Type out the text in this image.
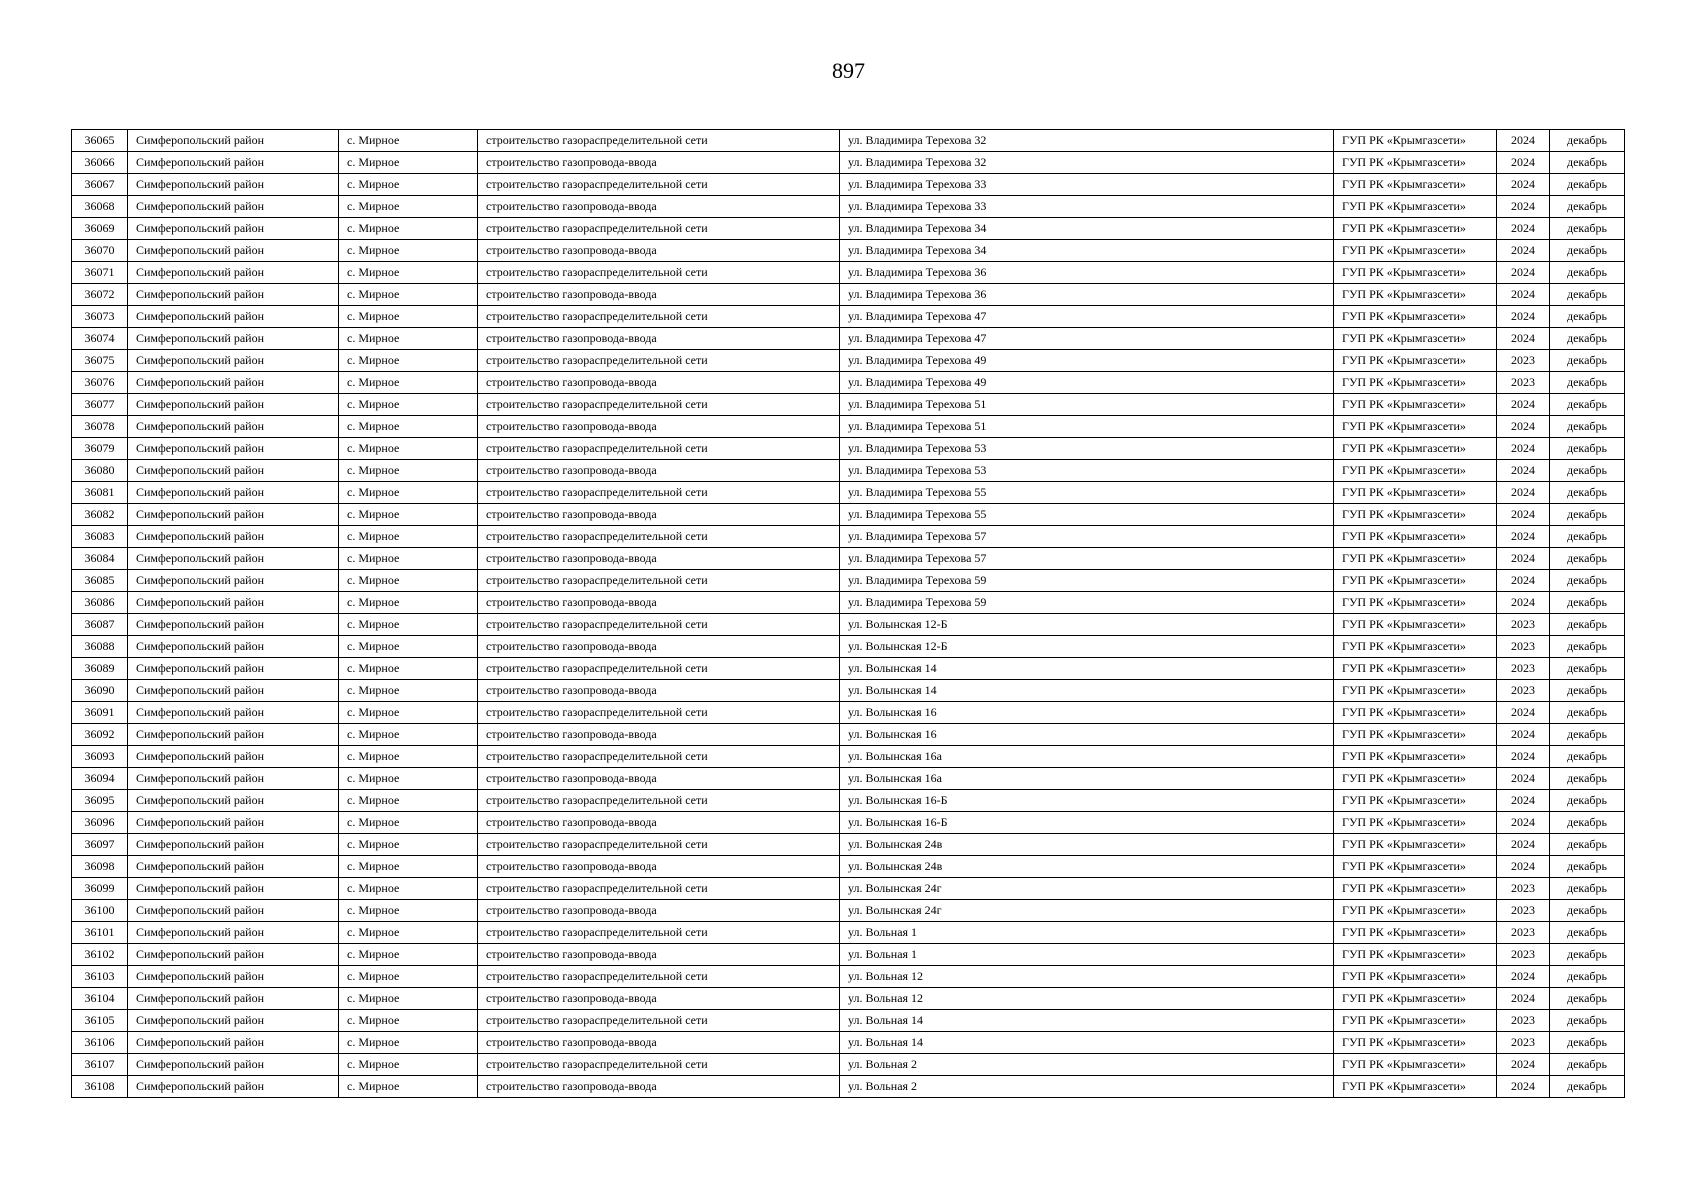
897
36065	Симферопольский район	с. Мирное	строительство газораспределительной сети	ул. Владимира Терехова 32	ГУП РК «Крымгазсети»	2024	декабрь
36066	Симферопольский район	с. Мирное	строительство газопровода-ввода	ул. Владимира Терехова 32	ГУП РК «Крымгазсети»	2024	декабрь
36067	Симферопольский район	с. Мирное	строительство газораспределительной сети	ул. Владимира Терехова 33	ГУП РК «Крымгазсети»	2024	декабрь
36068	Симферопольский район	с. Мирное	строительство газопровода-ввода	ул. Владимира Терехова 33	ГУП РК «Крымгазсети»	2024	декабрь
36069	Симферопольский район	с. Мирное	строительство газораспределительной сети	ул. Владимира Терехова 34	ГУП РК «Крымгазсети»	2024	декабрь
36070	Симферопольский район	с. Мирное	строительство газопровода-ввода	ул. Владимира Терехова 34	ГУП РК «Крымгазсети»	2024	декабрь
36071	Симферопольский район	с. Мирное	строительство газораспределительной сети	ул. Владимира Терехова 36	ГУП РК «Крымгазсети»	2024	декабрь
36072	Симферопольский район	с. Мирное	строительство газопровода-ввода	ул. Владимира Терехова 36	ГУП РК «Крымгазсети»	2024	декабрь
36073	Симферопольский район	с. Мирное	строительство газораспределительной сети	ул. Владимира Терехова 47	ГУП РК «Крымгазсети»	2024	декабрь
36074	Симферопольский район	с. Мирное	строительство газопровода-ввода	ул. Владимира Терехова 47	ГУП РК «Крымгазсети»	2024	декабрь
36075	Симферопольский район	с. Мирное	строительство газораспределительной сети	ул. Владимира Терехова 49	ГУП РК «Крымгазсети»	2023	декабрь
36076	Симферопольский район	с. Мирное	строительство газопровода-ввода	ул. Владимира Терехова 49	ГУП РК «Крымгазсети»	2023	декабрь
36077	Симферопольский район	с. Мирное	строительство газораспределительной сети	ул. Владимира Терехова 51	ГУП РК «Крымгазсети»	2024	декабрь
36078	Симферопольский район	с. Мирное	строительство газопровода-ввода	ул. Владимира Терехова 51	ГУП РК «Крымгазсети»	2024	декабрь
36079	Симферопольский район	с. Мирное	строительство газораспределительной сети	ул. Владимира Терехова 53	ГУП РК «Крымгазсети»	2024	декабрь
36080	Симферопольский район	с. Мирное	строительство газопровода-ввода	ул. Владимира Терехова 53	ГУП РК «Крымгазсети»	2024	декабрь
36081	Симферопольский район	с. Мирное	строительство газораспределительной сети	ул. Владимира Терехова 55	ГУП РК «Крымгазсети»	2024	декабрь
36082	Симферопольский район	с. Мирное	строительство газопровода-ввода	ул. Владимира Терехова 55	ГУП РК «Крымгазсети»	2024	декабрь
36083	Симферопольский район	с. Мирное	строительство газораспределительной сети	ул. Владимира Терехова 57	ГУП РК «Крымгазсети»	2024	декабрь
36084	Симферопольский район	с. Мирное	строительство газопровода-ввода	ул. Владимира Терехова 57	ГУП РК «Крымгазсети»	2024	декабрь
36085	Симферопольский район	с. Мирное	строительство газораспределительной сети	ул. Владимира Терехова 59	ГУП РК «Крымгазсети»	2024	декабрь
36086	Симферопольский район	с. Мирное	строительство газопровода-ввода	ул. Владимира Терехова 59	ГУП РК «Крымгазсети»	2024	декабрь
36087	Симферопольский район	с. Мирное	строительство газораспределительной сети	ул. Волынская 12-Б	ГУП РК «Крымгазсети»	2023	декабрь
36088	Симферопольский район	с. Мирное	строительство газопровода-ввода	ул. Волынская 12-Б	ГУП РК «Крымгазсети»	2023	декабрь
36089	Симферопольский район	с. Мирное	строительство газораспределительной сети	ул. Волынская 14	ГУП РК «Крымгазсети»	2023	декабрь
36090	Симферопольский район	с. Мирное	строительство газопровода-ввода	ул. Волынская 14	ГУП РК «Крымгазсети»	2023	декабрь
36091	Симферопольский район	с. Мирное	строительство газораспределительной сети	ул. Волынская 16	ГУП РК «Крымгазсети»	2024	декабрь
36092	Симферопольский район	с. Мирное	строительство газопровода-ввода	ул. Волынская 16	ГУП РК «Крымгазсети»	2024	декабрь
36093	Симферопольский район	с. Мирное	строительство газораспределительной сети	ул. Волынская 16а	ГУП РК «Крымгазсети»	2024	декабрь
36094	Симферопольский район	с. Мирное	строительство газопровода-ввода	ул. Волынская 16а	ГУП РК «Крымгазсети»	2024	декабрь
36095	Симферопольский район	с. Мирное	строительство газораспределительной сети	ул. Волынская 16-Б	ГУП РК «Крымгазсети»	2024	декабрь
36096	Симферопольский район	с. Мирное	строительство газопровода-ввода	ул. Волынская 16-Б	ГУП РК «Крымгазсети»	2024	декабрь
36097	Симферопольский район	с. Мирное	строительство газораспределительной сети	ул. Волынская 24в	ГУП РК «Крымгазсети»	2024	декабрь
36098	Симферопольский район	с. Мирное	строительство газопровода-ввода	ул. Волынская 24в	ГУП РК «Крымгазсети»	2024	декабрь
36099	Симферопольский район	с. Мирное	строительство газораспределительной сети	ул. Волынская 24г	ГУП РК «Крымгазсети»	2023	декабрь
36100	Симферопольский район	с. Мирное	строительство газопровода-ввода	ул. Волынская 24г	ГУП РК «Крымгазсети»	2023	декабрь
36101	Симферопольский район	с. Мирное	строительство газораспределительной сети	ул. Вольная 1	ГУП РК «Крымгазсети»	2023	декабрь
36102	Симферопольский район	с. Мирное	строительство газопровода-ввода	ул. Вольная 1	ГУП РК «Крымгазсети»	2023	декабрь
36103	Симферопольский район	с. Мирное	строительство газораспределительной сети	ул. Вольная 12	ГУП РК «Крымгазсети»	2024	декабрь
36104	Симферопольский район	с. Мирное	строительство газопровода-ввода	ул. Вольная 12	ГУП РК «Крымгазсети»	2024	декабрь
36105	Симферопольский район	с. Мирное	строительство газораспределительной сети	ул. Вольная 14	ГУП РК «Крымгазсети»	2023	декабрь
36106	Симферопольский район	с. Мирное	строительство газопровода-ввода	ул. Вольная 14	ГУП РК «Крымгазсети»	2023	декабрь
36107	Симферопольский район	с. Мирное	строительство газораспределительной сети	ул. Вольная 2	ГУП РК «Крымгазсети»	2024	декабрь
36108	Симферопольский район	с. Мирное	строительство газопровода-ввода	ул. Вольная 2	ГУП РК «Крымгазсети»	2024	декабрь
